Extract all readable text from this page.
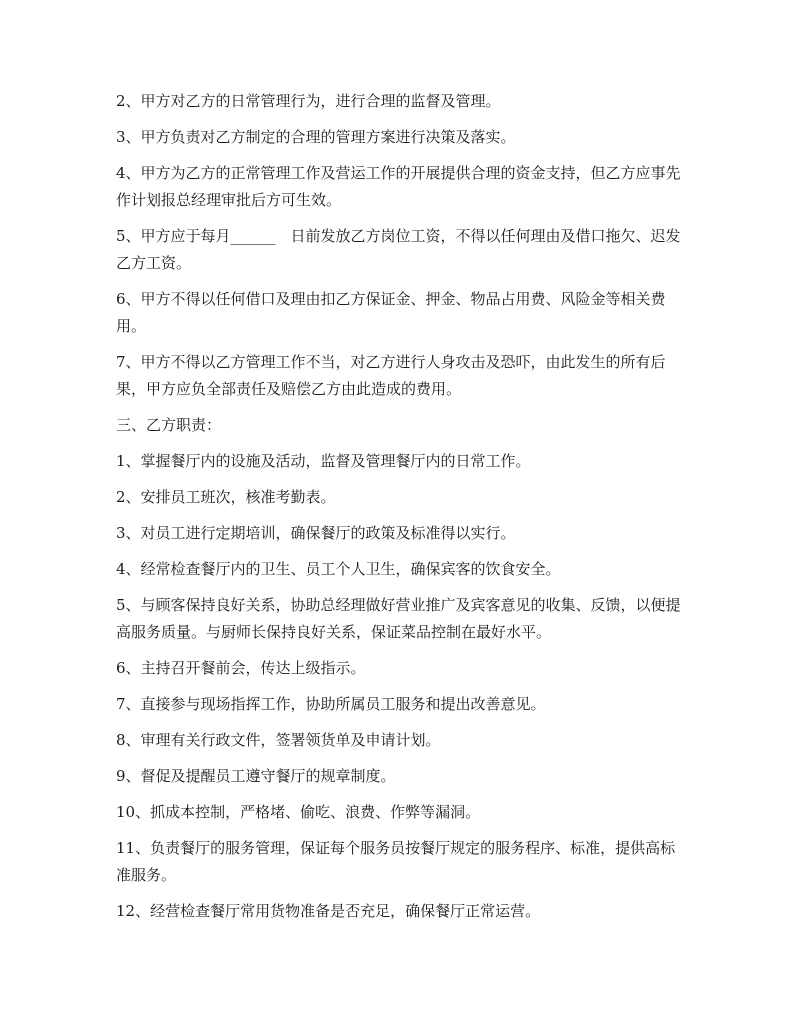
2、甲方对乙方的日常管理行为，进行合理的监督及管理。

3、甲方负责对乙方制定的合理的管理方案进行决策及落实。

4、甲方为乙方的正常管理工作及营运工作的开展提供合理的资金支持，但乙方应事先作计划报总经理审批后方可生效。

5、甲方应于每月______　日前发放乙方岗位工资，不得以任何理由及借口拖欠、迟发乙方工资。

6、甲方不得以任何借口及理由扣乙方保证金、押金、物品占用费、风险金等相关费用。

7、甲方不得以乙方管理工作不当，对乙方进行人身攻击及恐吓，由此发生的所有后果，甲方应负全部责任及赔偿乙方由此造成的费用。

三、乙方职责：

1、掌握餐厅内的设施及活动，监督及管理餐厅内的日常工作。

2、安排员工班次，核准考勤表。

3、对员工进行定期培训，确保餐厅的政策及标准得以实行。

4、经常检查餐厅内的卫生、员工个人卫生，确保宾客的饮食安全。

5、与顾客保持良好关系，协助总经理做好营业推广及宾客意见的收集、反馈，以便提高服务质量。与厨师长保持良好关系，保证菜品控制在最好水平。

6、主持召开餐前会，传达上级指示。

7、直接参与现场指挥工作，协助所属员工服务和提出改善意见。

8、审理有关行政文件，签署领货单及申请计划。

9、督促及提醒员工遵守餐厅的规章制度。

10、抓成本控制，严格堵、偷吃、浪费、作弊等漏洞。

11、负责餐厅的服务管理，保证每个服务员按餐厅规定的服务程序、标准，提供高标准服务。

12、经营检查餐厅常用货物准备是否充足，确保餐厅正常运营。
